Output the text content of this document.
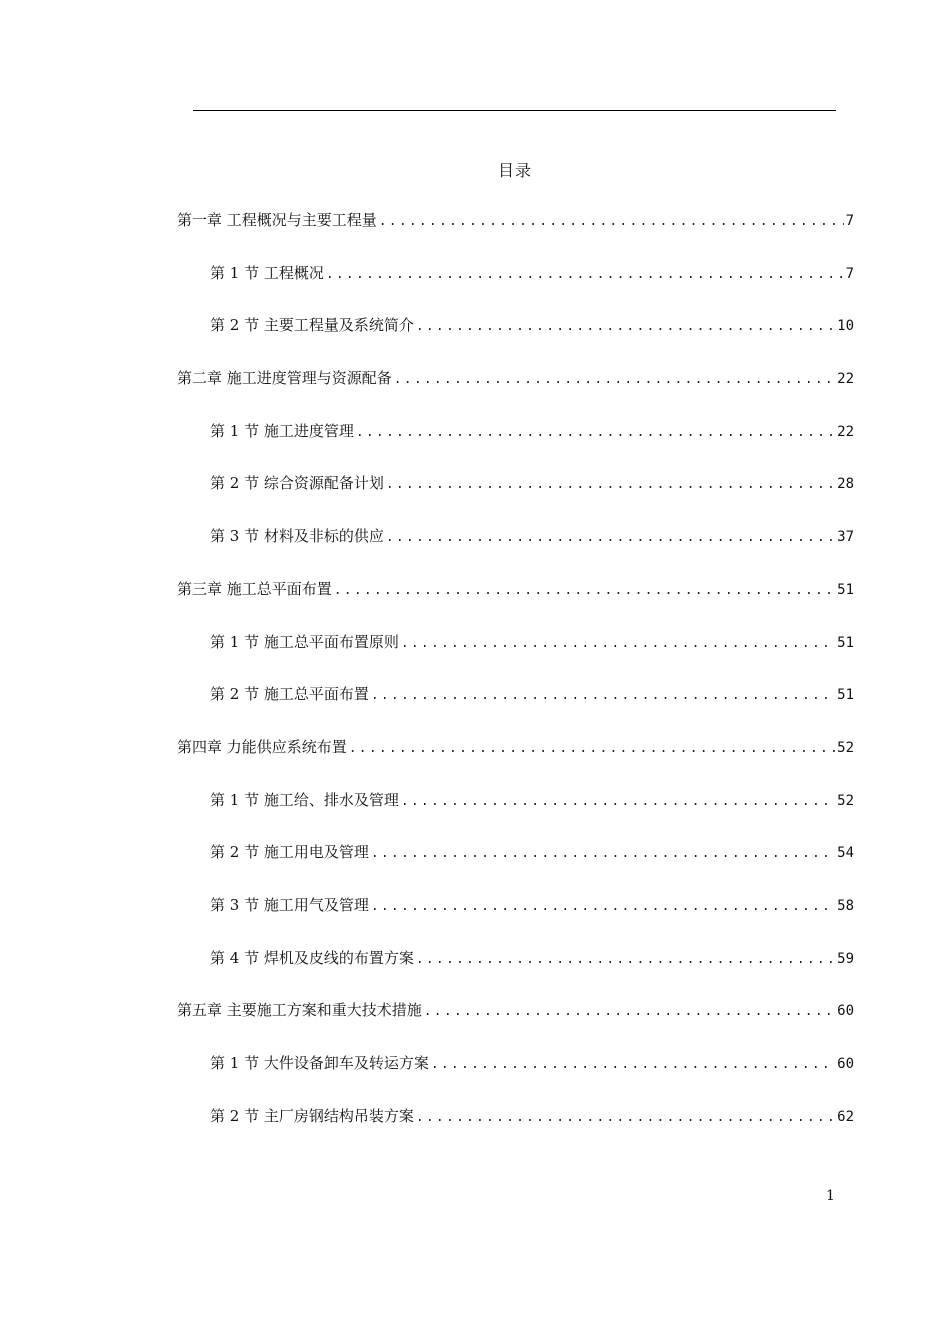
目录
第一章 工程概况与主要工程量 .....	7
第 1 节 工程概况 .....	7
第 2 节 主要工程量及系统简介 .....	10
第二章 施工进度管理与资源配备 .....	22
第 1 节 施工进度管理 .....	22
第 2 节 综合资源配备计划 .....	28
第 3 节 材料及非标的供应 .....	37
第三章 施工总平面布置 .....	51
第 1 节 施工总平面布置原则 .....	51
第 2 节 施工总平面布置 .....	51
第四章 力能供应系统布置 .....	52
第 1 节 施工给、排水及管理 .....	52
第 2 节 施工用电及管理 .....	54
第 3 节 施工用气及管理 .....	58
第 4 节 焊机及皮线的布置方案 .....	59
第五章 主要施工方案和重大技术措施 .....	60
第 1 节 大件设备卸车及转运方案 .....	60
第 2 节 主厂房钢结构吊装方案 .....	62
1
